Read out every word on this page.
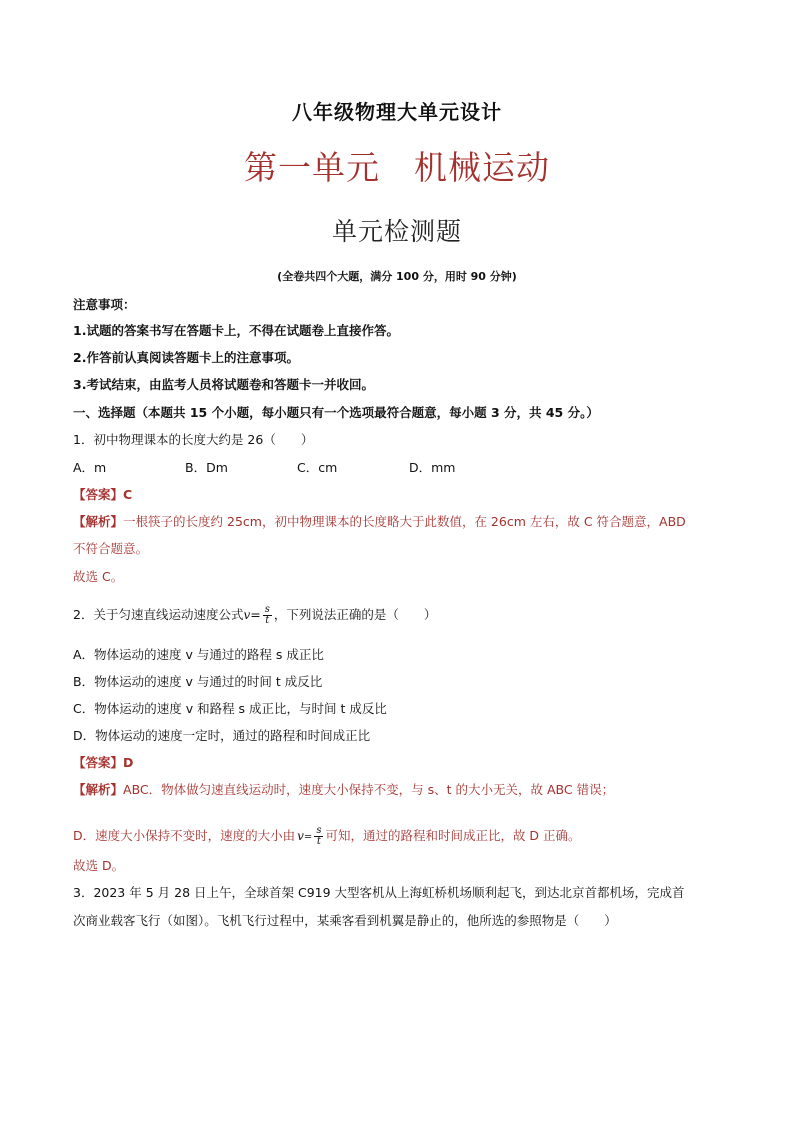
八年级物理大单元设计
第一单元　机械运动
单元检测题
(全卷共四个大题，满分 100 分，用时 90 分钟)
注意事项：
1.试题的答案书写在答题卡上，不得在试题卷上直接作答。
2.作答前认真阅读答题卡上的注意事项。
3.考试结束，由监考人员将试题卷和答题卡一并收回。
一、选择题（本题共 15 个小题，每小题只有一个选项最符合题意，每小题 3 分，共 45 分。）
1．初中物理课本的长度大约是 26（　　）
A．m	B．Dm	C．cm	D．mm
【答案】C
【解析】一根筷子的长度约 25cm，初中物理课本的长度略大于此数值，在 26cm 左右，故 C 符合题意，ABD
不符合题意。
故选 C。
2．关于匀速直线运动速度公式$v= \frac{s}{t}$ ，下列说法正确的是（　　）
A．物体运动的速度 v 与通过的路程 s 成正比
B．物体运动的速度 v 与通过的时间 t 成反比
C．物体运动的速度 v 和路程 s 成正比，与时间 t 成反比
D．物体运动的速度一定时，通过的路程和时间成正比
【答案】D
【解析】ABC．物体做匀速直线运动时，速度大小保持不变，与 s、t 的大小无关，故 ABC 错误；
D．速度大小保持不变时，速度的大小由 $v= \frac{s}{t}$ 可知，通过的路程和时间成正比，故 D 正确。
故选 D。
3．2023 年 5 月 28 日上午，全球首架 C919 大型客机从上海虹桥机场顺利起飞，到达北京首都机场，完成首
次商业载客飞行（如图）。飞机飞行过程中，某乘客看到机翼是静止的，他所选的参照物是（　　）
